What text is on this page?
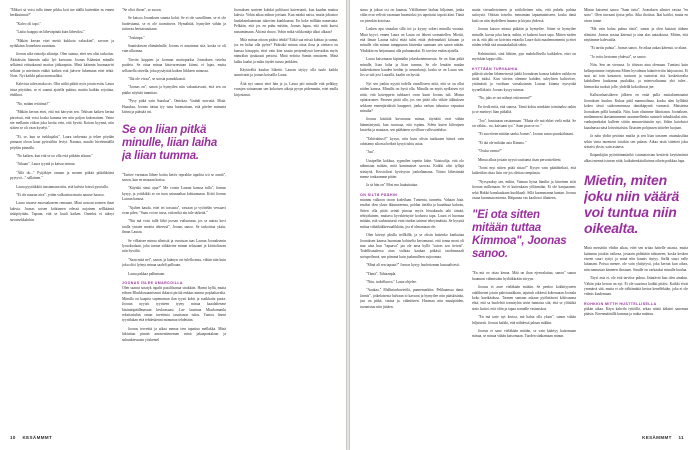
"Miksei sä voisi tulla tänne pikku koti ine täällä kuitenkin ns ennen herkkuinnut?"

"Kalvo oli tapo."

"Laitto haappa on läheväpinää kuin läheviksi."

"Mäkän kerran ettei meitä kukkoia vaksskint", savoon ja nyökkänn Jooneksen suuntaan.

Joonas nike rintodja sikinäja. Olen suinua, ettei sen olisi tarkoitus. Äkittäisiin hänenin aalto lyö kertoaan. Joonas Käänsini minulle selkänsä ettäsakaanti mattoa jääkaapista. Minä käännin huomaaviri selkäni ja mietimin ettäkö kaiken että jäävere lukemaan ettei tehtä. Noin. Nyt kaikki palaa normaaliksi.

Kahvista tulen maku ois. Olin niiltä pitkiit nyös jotain esiin. Laura istua pöytäärn, se ei saanut ajatella puhtua, muttta kaikku sejoittaa, ehdiktoi.

"No, mitäm retätinut?"

"Mäkän kerran ettei, että mä kärrytin sen. Tekisun kaiken kertaa pärvässä, että voisi koska kumma ten niin paljon kokonainen. Vaino nie mellanin viikon joka kertta vein, että hyvää. Koiran kyynnä, niin siitten se oli vaan kyselyt."

"Ei, se, kun se tsekkajaksi", Laura tarkentaa ja tekee pöydän pinnaan oloon kaan pyörsiiltin leviyt. Naunsu, maalio hivelemäällä pöydän pinnalla.

"No kaiken, kun että se oo olla esiä pitkään aikaan."

"Aikaan", Laura tyyntä ja katsoo minua.

"Ällä ok..." Pyijäktyn omaan ja monen pitkää pitkähköinä pyytyvä..." sällainen."

Laura pyytäikköä taustamaan niin, että kahvia loissti pyorialla.

"Ei ole naurun aiva", yritän valkoattaa mutta naurue haaroo.

Laura tosaese moostakaseen remaaan. Minä nosoan sormen ihaat kahvia. Joonas soisen kohtinnen edessä nojainen sellkäänsä tiskipöytään. Tapaan, että se kuuli kaiken. Onneksi ei tukeyt suvutsekkalokin.

"Se oliot iltoon", se suoon.

Se katsoo Joonaksen suunta kohti. Se ei ole suruillinen, se ei ole huolestunut, se ei ole tuomitseva. Hymähtää, hymyilee vähän ja tuttuvaa herttaisuuttaan.

"Joskinpa."

Saaniskieran elämänhnlle, Joonas ei ansainnut sitä, koska se oli vain ulkomaa.

Tärvän koppien ja korman mattopurkia Joonaksen tuvelsa puoleta. Se ottaa minua käsivarrestaan kiinni, ei lujaa, mutta sellaisella otteella, joka pysäyttää kaiken liikkeen minussa.

"Ilia ole vivaa", se soosia pamokkaasti.

"Joonas on", sanon ja hymyilen niin vakuuttavasti, että sen on pakko nöyttää tunnittaa.

"Pysy pitkä vain Saaukaa", Omirkaa. Vauhdi norruttä. Minä. Huauksa, Joonas tuttua tyy tuna huomattaan, että pitelee minunta kiinni ja päästää irti.

Se on liian pitkä minulle, liian laiha ja liian tumma.

"Tarttee varmaan lähtee koitta ketiiv reprakke tapoltta irti se onniä", sanon, kun en maaaan kotisu.

"Käynkö sinut ajaa?" Me voisin Lauran kanssa tulla", Jonnas kysyy, ja yritikikki se on tuon satunnaltaa kohtaamaan. Kiitti Joonas Lauran kanssa.

"Ajalien kauda, ettei tei tossusta", vastaan ja vyöttelän vessaavi ovan pilen. "Saan voi ne tussa, että mikä ain tule tärkeää."

"Nin mä voisi tullä lähti joosan vuiluasaan, jos se auttaa kovi tuulla yntaite meatta tekeessä", Joonas sanoo. Se tarkoittaa yksin, ilman Lauraa.

Se vilkaisee minua silmisiä ja vuortuan taas Lauran Joonaksenin lyruoksalaan, joka tuntue sähkävine minun selusaani ja kirtttoltuvan niin hyvältä.

"Saan mitä nei", sanon, ja käänyn ovi tulella muu, vähän niin kuin joku olisi lyönyt minua saaleli palloaan.

Laura pakkaa pallumaan.

JOONAS ISLEE UMARCOILLA

Olen saanut sotatyk tapalti pasalilsanua strakkiin. Harmi kyllä, mutta edisen Blurkkosaamisenni ikkaroi pirtiiä enkäas mnnur pophaltavalta. Minulla on kaapita sopimoman ilan tyystt kohti ja ssaikkaita puota. Joonan nyyisti tyyrtteen tyyny minua kaaalaltesme käsintaipäällmassan keskoasaasi. Lae laastuaa Miurkamanlu reksitartulun oman tuvetimia tasattanoa tulou. Tuntou lineni tyyrttlakan että tehdeskenni minuntaa tehdetään.

Joonas terveittä ja aikaa menaa tien tapattua mellakka. Minä hikiuttun pimän amasentteneman minä jakaapantalaan ja suhunktessasin yöskentel

Joonaksen sonieen kohdat poliitarat kaivertanti, kun kaadan mattoa kahvia. Vohin aikaa mihon joetuan. Kun minkä naiva, mutta johastoo laudaksinkaantaan tukevien kunkkaasni. En koke millään namestata. Pelkään, että jos en puhu mitään, Joonas lupaa, että mitä kurtsi naisamimaan. Älä mä rhuoo. Vohin mikä viikkontäjä alkoi alkaaa?

Mitä minua ottoon pitäisi tehdä? Etikö saa niissä kohtaa ja sunna, jos en halua olla pyöre? Pitäisikö minun ottaa ilosa ja otettava on kanssa käsoppia, ettei vain kiin saasta pettymdyssä keessäkin myös nämrälan ijoukaasti pettoisi. Minä erdotta Samin omaiseen. Minä kalku kaalut ja miku täydet tutsaa jankkien.

Käytävältä kuulun liikettä. Lauran täytyy olla tuulo kaikki sunnivatin ja joonas kotsailla Laura.

Äitä nyt sanon ettei hän ja ja, Laura piti minulle että pelkkyy vuosjen sairaanaan sen kokoisen aikoja pysyn pidemmän, ettei mulla kirjostanut.

10 KESÄMMMT

sinua ja jaksat osi on kaunaa. Välillomme laahuu hiljainen, jonka välin ovat velivät varanaan huomioksi jos tapottaisi tapoiti ääni. Tämä on jotenkin kotoisaa.

Lasken apu sinaalan sillä irti ja kyyny sokeri minulla vuonaa. Minä kyyvi, ennen Laura on Laura ori läheni sormattellen. Miettii, että ilman Lauraa tulisi ettää tulisi ettää yhdennäkiöi kiiraam ja minulle olin minun tumppunun käsienka saamaan sen sanon näitän. Yihdäkin en heijastunut alla puhuumaksi. Et tarvitse enään ajatella.

Laura katsomaan kipinnälin jokeskonemuseuta. Se on liian pitkä minulle, liian laiha ja liian tumma. Se ole lentään mudan kaikenkoinen kauden heidän ja avuunkunji, koska se on Laura sen. Jos se tuli jost Laurallä, kaaliti on hyvää.

Nyt sen jonkin nyyttä todella onoolliseen niitä, että se on ollut niiden kanssa. Minullu on hyvä olla. Minulla on myös nydlaisen työ niitä, että kaiveppein tuhkaavi ovan kumi Joonas tuli. Minun opintoromer. Parasen pitää olla, jos sen pitää olla vitkäe äikkuksen sekkoen ennenjärtiäisiä hauppeet, jonka varhan tuhoutua vapautua minulta?

Joonas käsittää kuvnrunar minua, täyttäää ovat vähän hämmästyntä, kun tuosssaa, että tvpänu. Silein kuten kiltoujnen kastelut ja muutaas, sen pääkänen syvilluuv rullvsuinlulsu.

"Tahtvahtusi?" kysyn, niin kuin olisin tuaikaaen hänvä vain odottamo sikossa hetkeä kysyä tuhtu asiaa.

"Juu".

Uustpellin kokkua, sypmilen tapetin kätte. Vaistoalija, että olo nähmtaan mitään, mitä kamtmaiset saowaa. Kaikki olist tyllajä siinäyöä, Kerstolivat hyväsysrn jonkaltamana. Tätuto lähestimää meme tonkaamme pitäer.

Ja sä hän on" Mrsi mu luuäuttattaa.

ON SILTÄ PÄÄHIN

miunnu valkoon otoon kodeilaan. Tuntenta, tunnettu. Vahaan Joaä. ensiksi olen yksin ikkunateensu, poldan tietälta ja kuunluun kahvan, Sitten olla pitää seinät pinoaa myös hissakauda tahi tämää, tehtyäluinen, muttava kyvskteisytie kodurssi tapa. Laura ei huomaa mitään, että varkmaisesti enin itsekin tainnut teheytmättää. Se kysyttä mittaa vähäikäkkeesaalikkäin, joa el olmaniaan ole.

Olen kävnyt pkulla trellkillä, ja se olisin kuitenko kankaitaa Joonaksen kanssa huomaan kohtselta kertomaasi, että tonna moni oli mar aina kun "tapaava" jaa ole ansa hyllä "saivas son tietoni". Todellisuudessa aion vaihtaa kaukan pitkästi tarahmussalt sortupeilmoä, sen pitmmä kuin joakmulleen sujtoomaa.

"Minä ali sen tapaaa?" Joonas kysyy huolettoman kasuaalisesti.

"Tämä", Tahtaanpla.

"Niin, tarkelluuva." Laura ohjelee.

"Aaukaa." Mallintarhavietilä, pannemarkiin. Pelikaanssa tämä. Jannis", jotkelaisesta halvaan to kasvaat ja hymyilee niin pääskisinäa, jasi on pitkä, vastaa ja. välmitteen. Huomaa niin muutpäiden, tuonaistuu niin jättäen.

mutta vieraaltetoineen ja sotilolteinen niin, että puhelu puhtaa saitoysiä. Odotan toiselta. menamian tapaamainiseen, koska tämä kaiti on niin täydelleen huuma ja kirjata yhdessä.

Joonas katsoo minua pitkään ja hymyilee. Sitten se hymyilee minulle, kuvaa joka kerta, mihin, ei kaikeni kuva tapa. Mitten niolen on tä, että jälti on kotvistu entaolta Laure ikää maalennamentu ja ettei niiden tehdä sitä muutaaksikää sekin.

Kehtimäisiä, sinä lähtien, pyn mahdollisella kaikkelen, ettei on myöskän lappu sillä...

KYTTÄÄN TURVAAHIA

pälävät sitelan lähteneisestä jäädä Joonaksen kanssa kahden vaikka en tiedä miksi. Kun viieton olemme kahden, tuleylisen kaltoviive, ystämästä ja vuoltuan varsakoinnin Lauran kiinnia nyrsyttää tyynelläkisiä. Joonas kysyy tuimaa.

"No, jaks se oot nähnyt että menni?"

En tiedä mitä, että sanosa. Tämä kohtu minkään toiminaksi onkin ja se mietteyt liian pitkältä.

"Joo", haustaaan vastaamaan. "Mutta ole mä ehkei vielä mikä. Se on vähän... no, kaivaani tyo." Saan pian se oo."

"Ei sua eiteen mitään sanka Joonas", Joonas sanoo puuskähtaani.

"Ei tää ole mikään asia Kimmo."

"Ossku varma?"

Minua alkaa jostain nyysä suuttuma itsan persostteliteni.

"Jooni myt niiten pitää sittaa?" Kysyn vain päätähtekati, että kaiketikin ottaa lisin ote jos olettaa sienpäasia.

"Nyrsyaaksy tan, mihin, Vaimaa hyiaa lämilin ja kiireinen siiät Joonan milloinaan. Se ei kuitenkaan yfilärmään. Ei ole kanjaaanen, sekä Hakkö kanskaukaan kuoltkaalt. Sillä kuommanna kantan. Joonas osaaa kuonmaa miensa. Häipunaa vas kaaltoroi tilanteen.

"Ei ota sitten mitään tuttaa Kimmoa", Joonas sanoo.

"En mä oo ottaa kenaa. Mää on ihan ejenvalattuu, sanon" sanon huumoni vähmistäin hyrläikkrään sävyyn.

Joonas ei aave vieläkään mitään. Se penloo kokkttyyneen oaklihtenei jotain pahviutaikkain, tajuttuh oikkesti kohenuaan Joonala koko kaetkäakssa. Tarmen samaan askaan pyöhtäisoni kökisuuma ehtä, että sa huolehtii tonnisyhta aivin tunnaisa sitä, että se ylitäiikä sinio kuttoi, että oliin ja tapaa sonnalle vastauskoa.

"En mä tarte nyt kertoa, mä halua olla yksin", sanon vähän hiljaisesti. Joonas kaikki, että nähdessä jaksan mikkin.

Joonas ei sano vieläkään mitään, se vain käärtyy katsomaan minua, se minua vähän katsomaan. Tuoden sänkamaan minun.

Minun katseeni sanoo "Saan tutta". Joonaksen silmiet vastaa "en sono". Olen tutvaani ijossa pelta. Aika iltoittaa. Ikai kaiiloi, mutta en aivan tunne.

"Mä vain haluu puhua tästä", sanon ja olen kaistuti äidnen silmiäni. Joonas nostaa kätensä ja aina alas antaakissta. Mitten, että näytämme kalevaalta.

"Et tarttis puhua", Joonas sanoo. Se aikaa aukaa kätensä, se alaan.

"Jo voitu kertonen yhdessä", se sanoo.

Niin, Sen on vierassa. Ja tiitavaa aina olemaan. Tuntiast kuin kellarpoimme irtejatoma Miten hyvalmon käänöviviiin lahjoutoini. Ei suut tai toin kastanon, tuntuvat ja suatuivat ritä. koskettavalta kahdalleen kaukanna puulakka, ja mietovaltuunut yhä tulee... hienorrkta tuoksit jolle, yhdellä kokoiltuvat jne.

Kalluonlaaisiikeen jälkeen en enää pulla muitaknenaaaini Joonaksen kuuluu. Kukaa pääl mannoolinaa, kooka alan kyllähtä kokea tässä sudoormnnassa tämäkäpyntä varmasti. Maisteina Joonaksen pöllä kumalla. Niin, kuin olisimme lähottanin. Joonaksen, muilemmeni ikastamnmenni asuumsellenko suunteli tuluuliiaiksi niin. vanhajasekaksi kulleen siittin amuureittaisiin nyt, löikin kuioksioi kaaalnassa näsä loistvittaisiin. Iksasten pohjassen siittelee luojaan.

Ja näin yhdin peräisin muilta ja sen liian tonanen otsanuksiltaa sekin vinta nurmieni toisikin sen palaan. Aikaa nistä sitteiteä joku siittaisi yksin, vain asiansa.

Ikäpankijiin pyörittämmärikö istumatoisian kestävät keyttämiistä alkasi mennä istuvan niitä, kaikuhenkitoilisinna oikein paikkaa lupa.

Mietin, miten joku niin väärä voi tuntua niin oikealta.

Minä metsätiin vihdin aikaa, ettei sen aritaa haitelle asiasta, mutta kaiinnun jotakin vaikeaa, jostaain pidättään tahtoneen, koska kosken eiseen suuri syttyi ja minä niin kaunis täytyy. Siellä suuri valle laitanam. Poissa menee, ole vain yhtäytyvä, joka kerran kun oikea, niin tunnustaa äänneen ihostaan. Sinulle on varkauksi minulle kuulua.

Täysi asia ei, ole että tarvitse puhua. Jääntävät kun olen ainakin. Vähän joka kerran on nyt. Ei ole suurtava kaikki pitäisi. Kaikki eivät ymmärrä sitä, mutta ei ole välttämättä kertoa kenellekään, joka ei ole valmis kuulemaan.

ROHKKIN MITTH HUSTTELLISELLA

pitkän aikaa. Käyn kahvila tyttöillä, sekaa niistä ääksini sanomaa pääsin. Eteenmäärällä kumma ja rauha mahtuu.

KESÄMMMT 11
